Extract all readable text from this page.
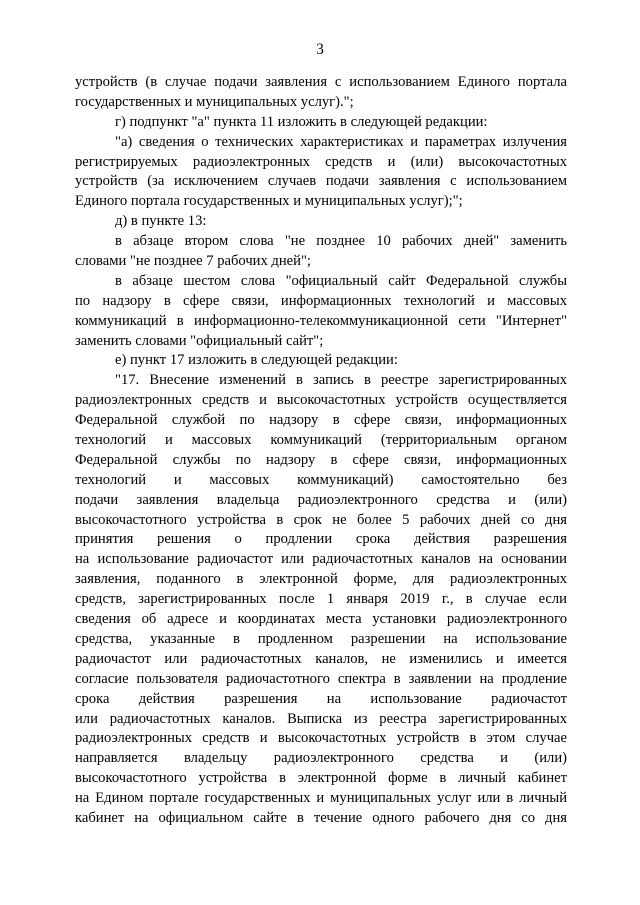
3
устройств (в случае подачи заявления с использованием Единого портала
государственных и муниципальных услуг).";
г) подпункт "а" пункта 11 изложить в следующей редакции:
"а) сведения о технических характеристиках и параметрах излучения
регистрируемых радиоэлектронных средств и (или) высокочастотных
устройств (за исключением случаев подачи заявления с использованием
Единого портала государственных и муниципальных услуг);";
д) в пункте 13:
в абзаце втором слова "не позднее 10 рабочих дней" заменить
словами "не позднее 7 рабочих дней";
в абзаце шестом слова "официальный сайт Федеральной службы
по надзору в сфере связи, информационных технологий и массовых
коммуникаций в информационно-телекоммуникационной сети "Интернет"
заменить словами "официальный сайт";
е) пункт 17 изложить в следующей редакции:
"17. Внесение изменений в запись в реестре зарегистрированных
радиоэлектронных средств и высокочастотных устройств осуществляется
Федеральной службой по надзору в сфере связи, информационных
технологий и массовых коммуникаций (территориальным органом
Федеральной службы по надзору в сфере связи, информационных
технологий и массовых коммуникаций) самостоятельно без
подачи заявления владельца радиоэлектронного средства и (или)
высокочастотного устройства в срок не более 5 рабочих дней со дня
принятия решения о продлении срока действия разрешения
на использование радиочастот или радиочастотных каналов на основании
заявления, поданного в электронной форме, для радиоэлектронных
средств, зарегистрированных после 1 января 2019 г., в случае если
сведения об адресе и координатах места установки радиоэлектронного
средства, указанные в продленном разрешении на использование
радиочастот или радиочастотных каналов, не изменились и имеется
согласие пользователя радиочастотного спектра в заявлении на продление
срока действия разрешения на использование радиочастот
или радиочастотных каналов. Выписка из реестра зарегистрированных
радиоэлектронных средств и высокочастотных устройств в этом случае
направляется владельцу радиоэлектронного средства и (или)
высокочастотного устройства в электронной форме в личный кабинет
на Едином портале государственных и муниципальных услуг или в личный
кабинет на официальном сайте в течение одного рабочего дня со дня
